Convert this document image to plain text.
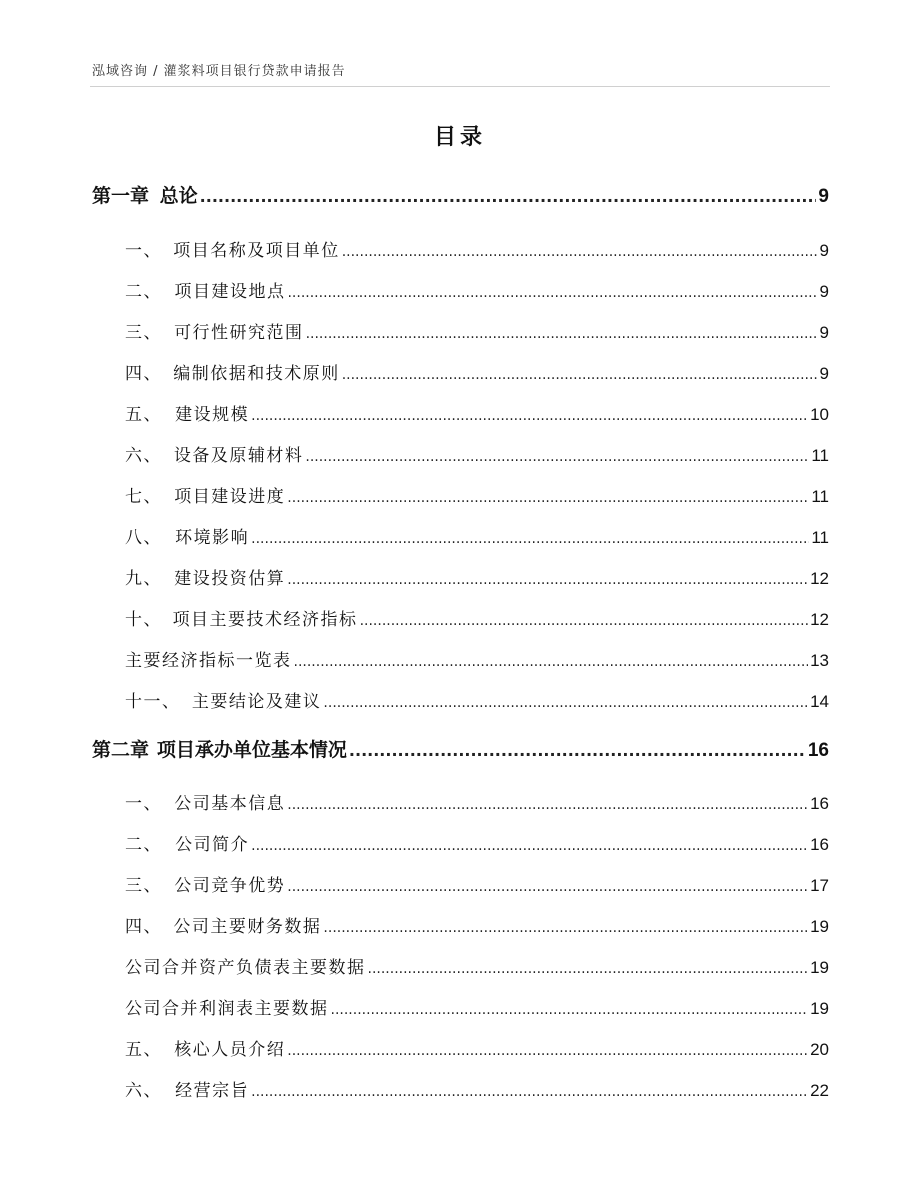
泓域咨询 / 灌浆料项目银行贷款申请报告
目录
第一章 总论 .....	9
一、 项目名称及项目单位 .....	9
二、 项目建设地点 .....	9
三、 可行性研究范围 .....	9
四、 编制依据和技术原则 .....	9
五、 建设规模 .....	10
六、 设备及原辅材料 .....	11
七、 项目建设进度 .....	11
八、 环境影响 .....	11
九、 建设投资估算 .....	12
十、 项目主要技术经济指标 .....	12
主要经济指标一览表 .....	13
十一、 主要结论及建议 .....	14
第二章 项目承办单位基本情况 .....	16
一、 公司基本信息 .....	16
二、 公司简介 .....	16
三、 公司竞争优势 .....	17
四、 公司主要财务数据 .....	19
公司合并资产负债表主要数据 .....	19
公司合并利润表主要数据 .....	19
五、 核心人员介绍 .....	20
六、 经营宗旨 .....	22
